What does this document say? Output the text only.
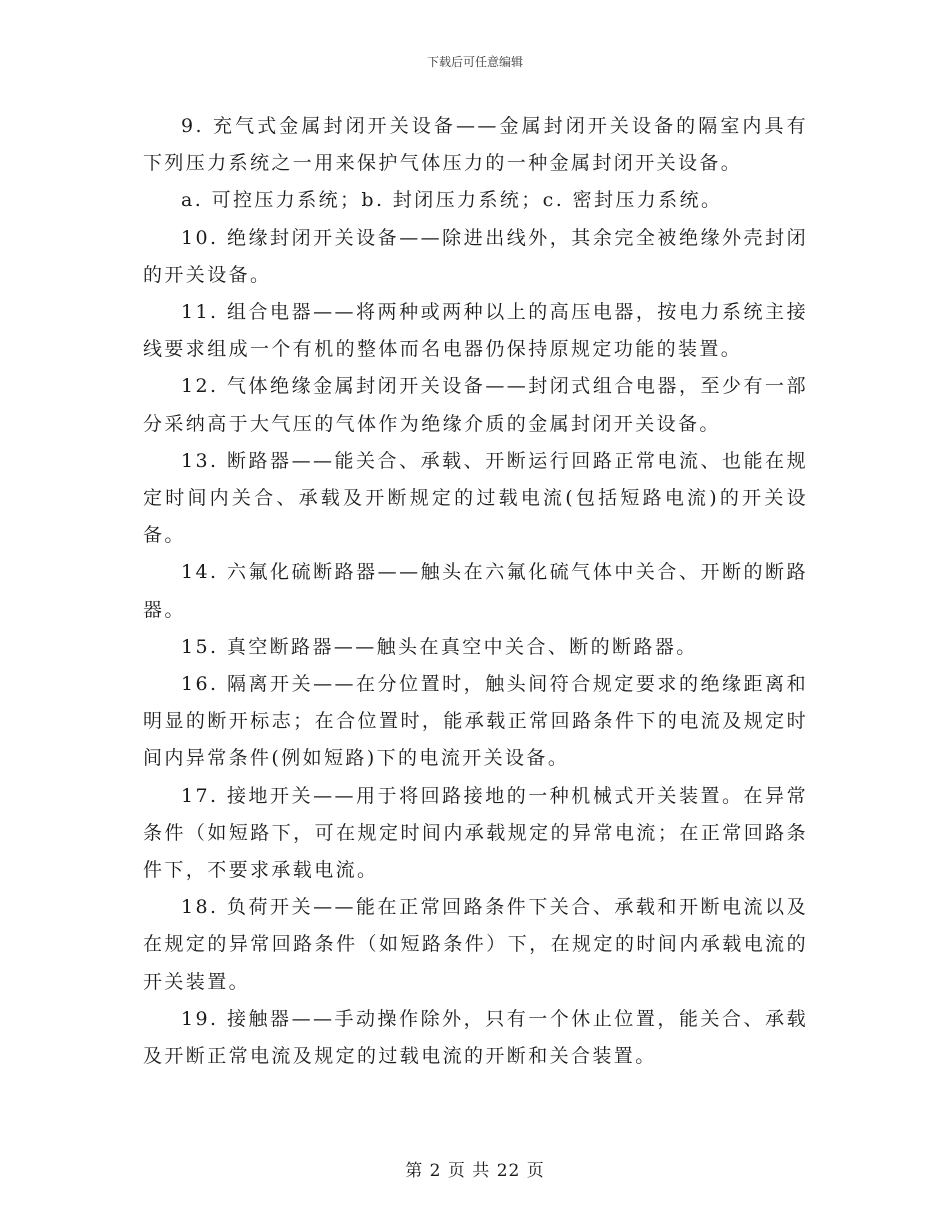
下载后可任意编辑

9. 充气式金属封闭开关设备——金属封闭开关设备的隔室内具有下列压力系统之一用来保护气体压力的一种金属封闭开关设备。

a. 可控压力系统；b. 封闭压力系统；c. 密封压力系统。

10. 绝缘封闭开关设备——除进出线外，其余完全被绝缘外壳封闭的开关设备。

11. 组合电器——将两种或两种以上的高压电器，按电力系统主接线要求组成一个有机的整体而名电器仍保持原规定功能的装置。

12. 气体绝缘金属封闭开关设备——封闭式组合电器，至少有一部分采纳高于大气压的气体作为绝缘介质的金属封闭开关设备。

13. 断路器——能关合、承载、开断运行回路正常电流、也能在规定时间内关合、承载及开断规定的过载电流(包括短路电流)的开关设备。

14. 六氟化硫断路器——触头在六氟化硫气体中关合、开断的断路器。

15. 真空断路器——触头在真空中关合、断的断路器。

16. 隔离开关——在分位置时，触头间符合规定要求的绝缘距离和明显的断开标志；在合位置时，能承载正常回路条件下的电流及规定时间内异常条件(例如短路)下的电流开关设备。

17. 接地开关——用于将回路接地的一种机械式开关装置。在异常条件（如短路下，可在规定时间内承载规定的异常电流；在正常回路条件下，不要求承载电流。

18. 负荷开关——能在正常回路条件下关合、承载和开断电流以及在规定的异常回路条件（如短路条件）下，在规定的时间内承载电流的开关装置。

19. 接触器——手动操作除外，只有一个休止位置，能关合、承载及开断正常电流及规定的过载电流的开断和关合装置。

第 2 页 共 22 页
